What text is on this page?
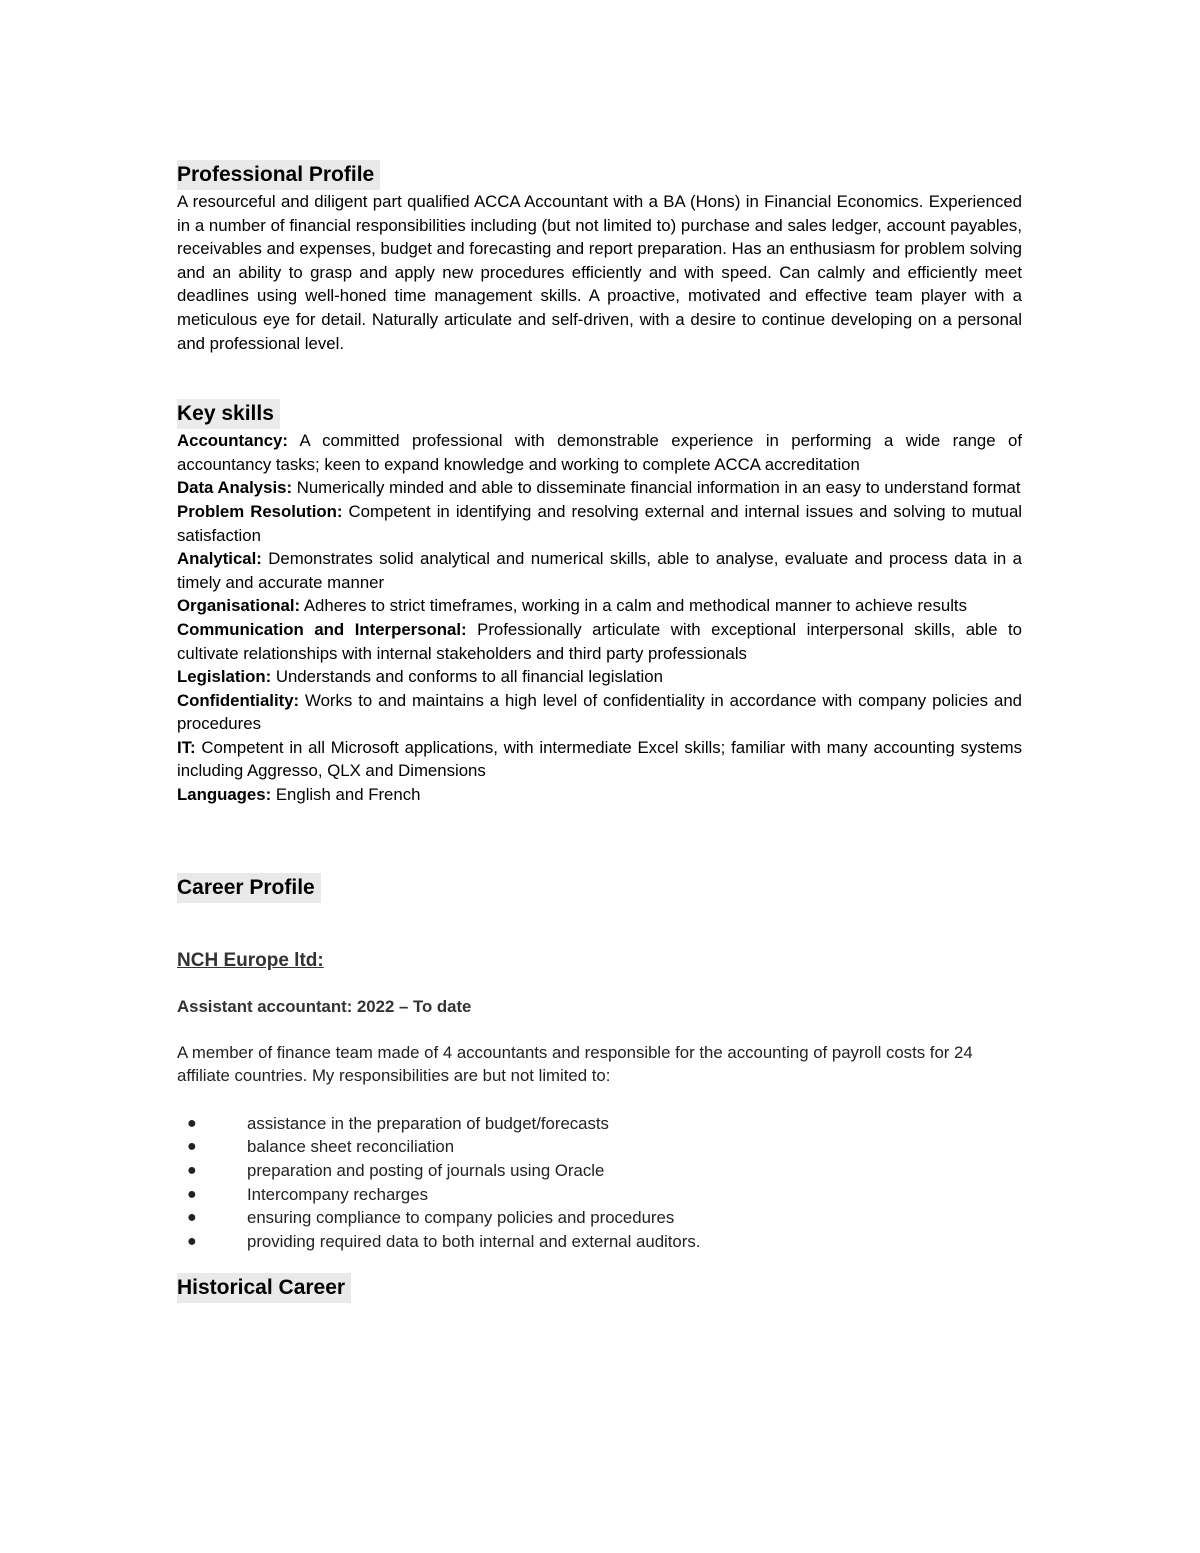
Professional Profile

A resourceful and diligent part qualified ACCA Accountant with a BA (Hons) in Financial Economics. Experienced in a number of financial responsibilities including (but not limited to) purchase and sales ledger, account payables, receivables and expenses, budget and forecasting and report preparation. Has an enthusiasm for problem solving and an ability to grasp and apply new procedures efficiently and with speed. Can calmly and efficiently meet deadlines using well-honed time management skills. A proactive, motivated and effective team player with a meticulous eye for detail. Naturally articulate and self-driven, with a desire to continue developing on a personal and professional level.

Key skills

Accountancy: A committed professional with demonstrable experience in performing a wide range of accountancy tasks; keen to expand knowledge and working to complete ACCA accreditation

Data Analysis: Numerically minded and able to disseminate financial information in an easy to understand format

Problem Resolution: Competent in identifying and resolving external and internal issues and solving to mutual satisfaction

Analytical: Demonstrates solid analytical and numerical skills, able to analyse, evaluate and process data in a timely and accurate manner

Organisational: Adheres to strict timeframes, working in a calm and methodical manner to achieve results

Communication and Interpersonal: Professionally articulate with exceptional interpersonal skills, able to cultivate relationships with internal stakeholders and third party professionals

Legislation: Understands and conforms to all financial legislation

Confidentiality: Works to and maintains a high level of confidentiality in accordance with company policies and procedures

IT: Competent in all Microsoft applications, with intermediate Excel skills; familiar with many accounting systems including Aggresso, QLX and Dimensions

Languages: English and French

Career Profile

NCH Europe ltd:

Assistant accountant: 2022 – To date

A member of finance team made of 4 accountants and responsible for the accounting of payroll costs for 24 affiliate countries. My responsibilities are but not limited to:

●	assistance in the preparation of budget/forecasts
●	balance sheet reconciliation
●	preparation and posting of journals using Oracle
●	Intercompany recharges
●	ensuring compliance to company policies and procedures
●	providing required data to both internal and external auditors.
Historical Career
